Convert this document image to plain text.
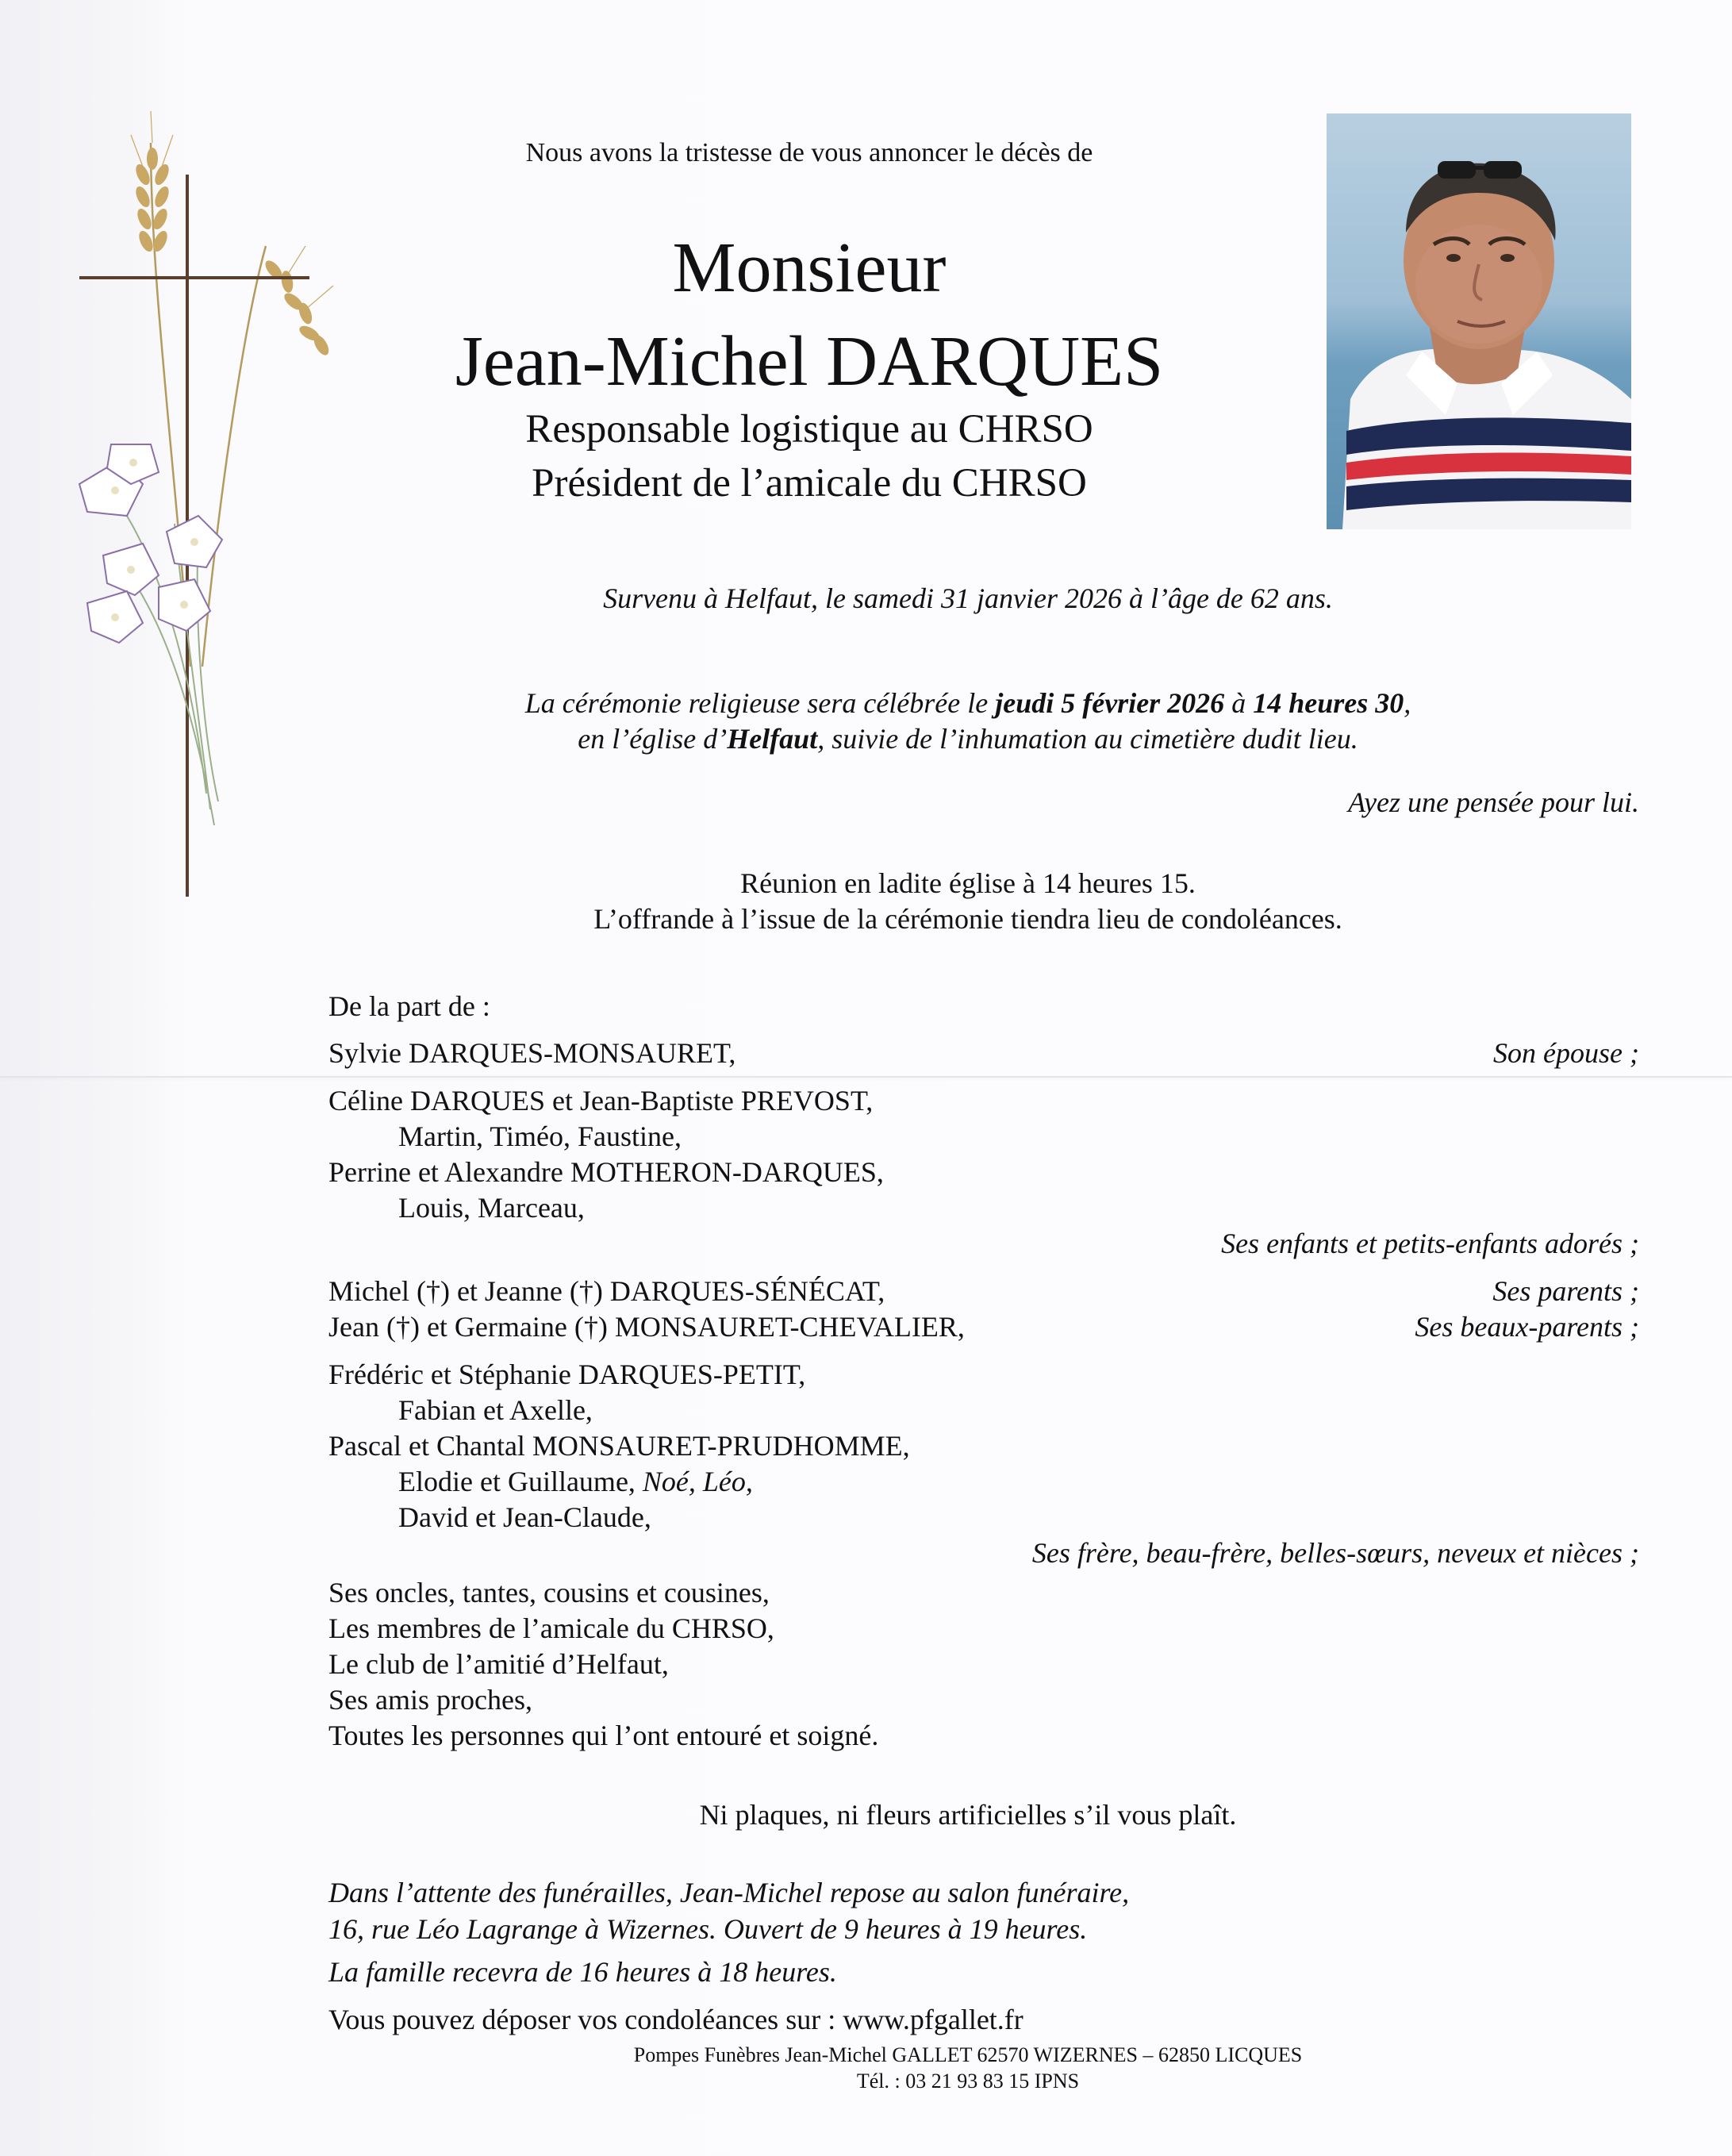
Nous avons la tristesse de vous annoncer le décès de
Monsieur
Jean-Michel DARQUES
Responsable logistique au CHRSO
Président de l’amicale du CHRSO
Survenu à Helfaut, le samedi 31 janvier 2026 à l’âge de 62 ans.
La cérémonie religieuse sera célébrée le jeudi 5 février 2026 à 14 heures 30,
en l’église d’Helfaut, suivie de l’inhumation au cimetière dudit lieu.
Ayez une pensée pour lui.
Réunion en ladite église à 14 heures 15.
L’offrande à l’issue de la cérémonie tiendra lieu de condoléances.
De la part de :
Sylvie DARQUES-MONSAURET,	Son épouse ;
Céline DARQUES et Jean-Baptiste PREVOST,
Martin, Timéo, Faustine,
Perrine et Alexandre MOTHERON-DARQUES,
Louis, Marceau,
Ses enfants et petits-enfants adorés ;
Michel (†) et Jeanne (†) DARQUES-SÉNÉCAT,	Ses parents ;
Jean (†) et Germaine (†) MONSAURET-CHEVALIER,	Ses beaux-parents ;
Frédéric et Stéphanie DARQUES-PETIT,
Fabian et Axelle,
Pascal et Chantal MONSAURET-PRUDHOMME,
Elodie et Guillaume, Noé, Léo,
David et Jean-Claude,
Ses frère, beau-frère, belles-sœurs, neveux et nièces ;
Ses oncles, tantes, cousins et cousines,
Les membres de l’amicale du CHRSO,
Le club de l’amitié d’Helfaut,
Ses amis proches,
Toutes les personnes qui l’ont entouré et soigné.
Ni plaques, ni fleurs artificielles s’il vous plaît.
Dans l’attente des funérailles, Jean-Michel repose au salon funéraire,
16, rue Léo Lagrange à Wizernes. Ouvert de 9 heures à 19 heures.
La famille recevra de 16 heures à 18 heures.
Vous pouvez déposer vos condoléances sur : www.pfgallet.fr
Pompes Funèbres Jean-Michel GALLET 62570 WIZERNES – 62850 LICQUES
Tél. : 03 21 93 83 15 IPNS
